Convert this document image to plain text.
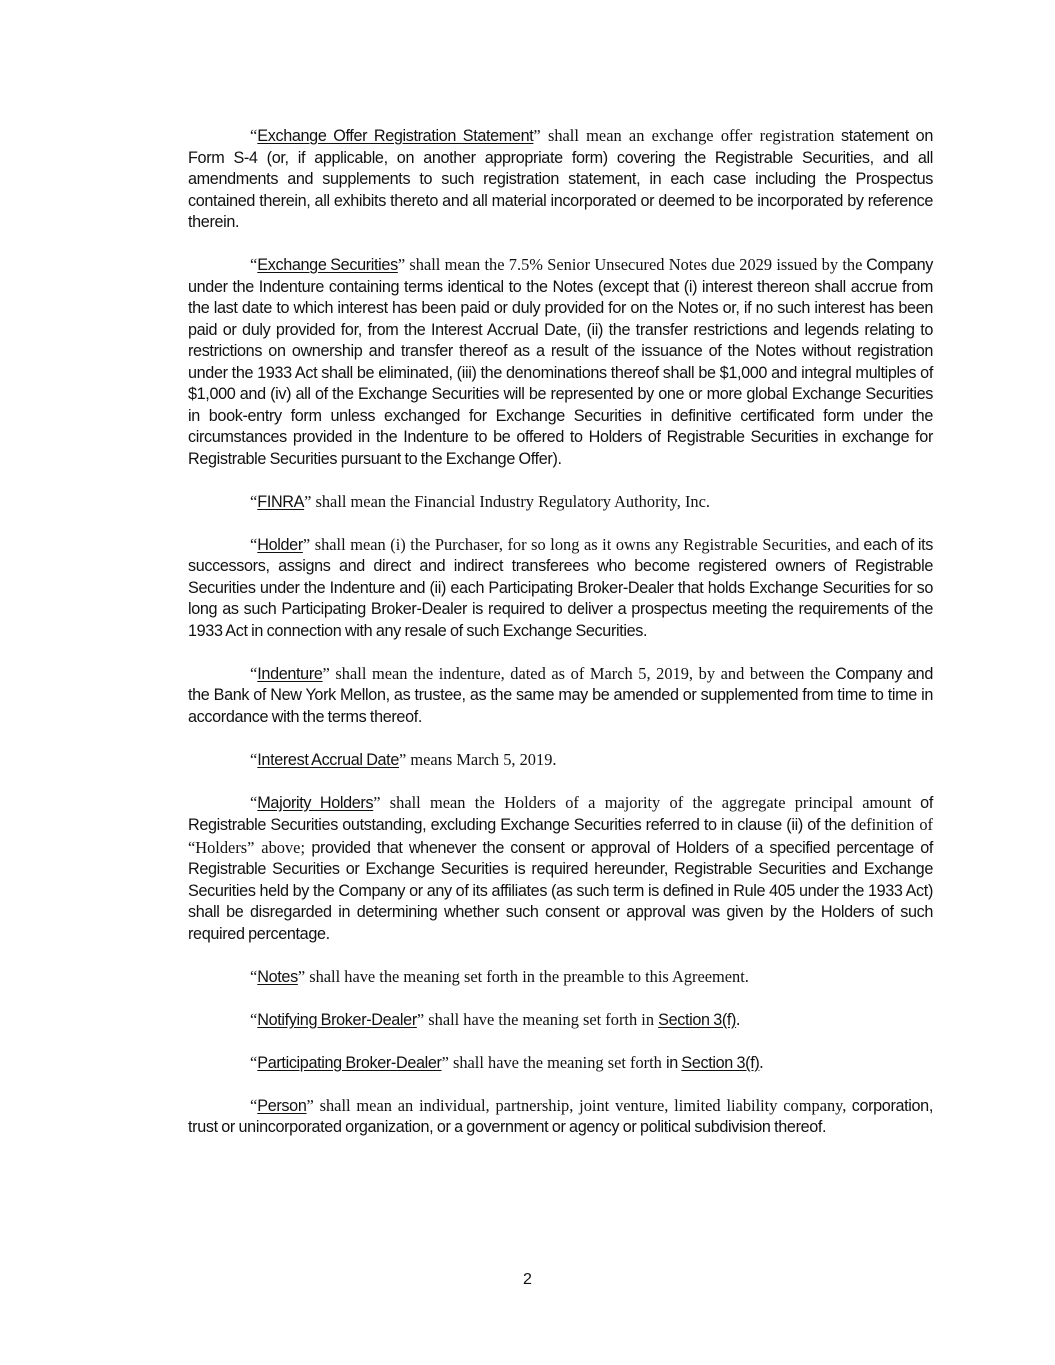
“Exchange Offer Registration Statement” shall mean an exchange offer registration statement on Form S-4 (or, if applicable, on another appropriate form) covering the Registrable Securities, and all amendments and supplements to such registration statement, in each case including the Prospectus contained therein, all exhibits thereto and all material incorporated or deemed to be incorporated by reference therein.

“Exchange Securities” shall mean the 7.5% Senior Unsecured Notes due 2029 issued by the Company under the Indenture containing terms identical to the Notes (except that (i) interest thereon shall accrue from the last date to which interest has been paid or duly provided for on the Notes or, if no such interest has been paid or duly provided for, from the Interest Accrual Date, (ii) the transfer restrictions and legends relating to restrictions on ownership and transfer thereof as a result of the issuance of the Notes without registration under the 1933 Act shall be eliminated, (iii) the denominations thereof shall be $1,000 and integral multiples of $1,000 and (iv) all of the Exchange Securities will be represented by one or more global Exchange Securities in book-entry form unless exchanged for Exchange Securities in definitive certificated form under the circumstances provided in the Indenture to be offered to Holders of Registrable Securities in exchange for Registrable Securities pursuant to the Exchange Offer).

“FINRA” shall mean the Financial Industry Regulatory Authority, Inc.

“Holder” shall mean (i) the Purchaser, for so long as it owns any Registrable Securities, and each of its successors, assigns and direct and indirect transferees who become registered owners of Registrable Securities under the Indenture and (ii) each Participating Broker-Dealer that holds Exchange Securities for so long as such Participating Broker-Dealer is required to deliver a prospectus meeting the requirements of the 1933 Act in connection with any resale of such Exchange Securities.

“Indenture” shall mean the indenture, dated as of March 5, 2019, by and between the Company and the Bank of New York Mellon, as trustee, as the same may be amended or supplemented from time to time in accordance with the terms thereof.

“Interest Accrual Date” means March 5, 2019.

“Majority Holders” shall mean the Holders of a majority of the aggregate principal amount of Registrable Securities outstanding, excluding Exchange Securities referred to in clause (ii) of the definition of “Holders” above; provided that whenever the consent or approval of Holders of a specified percentage of Registrable Securities or Exchange Securities is required hereunder, Registrable Securities and Exchange Securities held by the Company or any of its affiliates (as such term is defined in Rule 405 under the 1933 Act) shall be disregarded in determining whether such consent or approval was given by the Holders of such required percentage.

“Notes” shall have the meaning set forth in the preamble to this Agreement.

“Notifying Broker-Dealer” shall have the meaning set forth in Section 3(f).

“Participating Broker-Dealer” shall have the meaning set forth in Section 3(f).

“Person” shall mean an individual, partnership, joint venture, limited liability company, corporation, trust or unincorporated organization, or a government or agency or political subdivision thereof.

2
